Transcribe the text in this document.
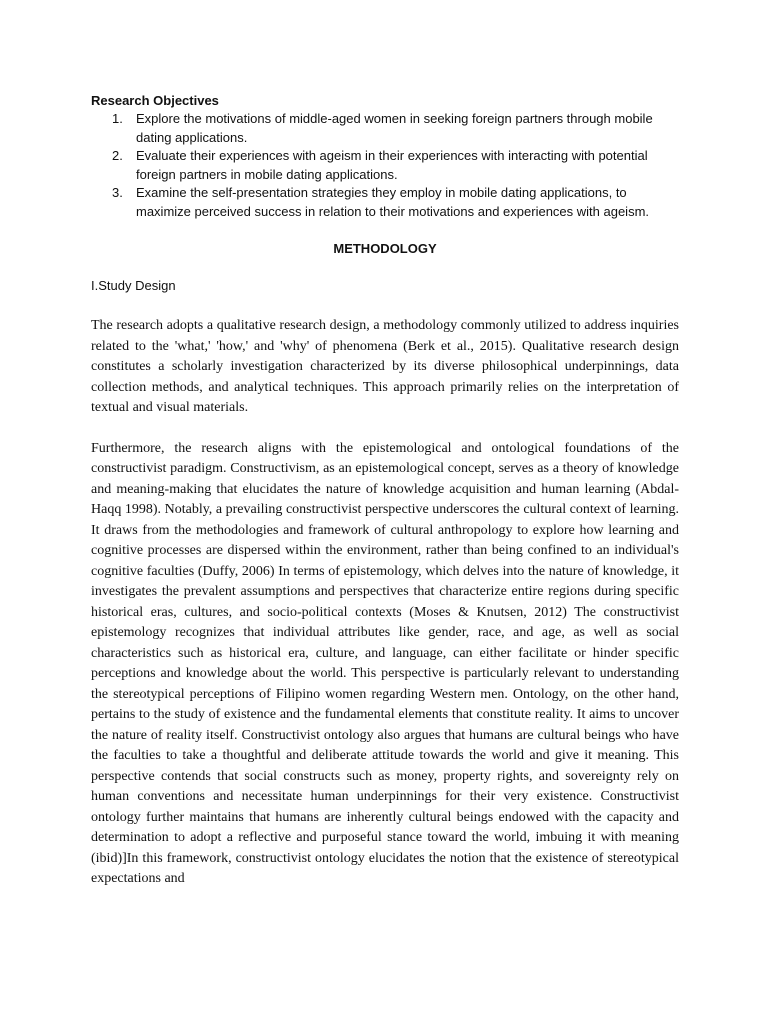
Research Objectives

1. Explore the motivations of middle-aged women in seeking foreign partners through mobile dating applications.
2. Evaluate their experiences with ageism in their experiences with interacting with potential foreign partners in mobile dating applications.
3. Examine the self-presentation strategies they employ in mobile dating applications, to maximize perceived success in relation to their motivations and experiences with ageism.

METHODOLOGY

I.Study Design

The research adopts a qualitative research design, a methodology commonly utilized to address inquiries related to the 'what,' 'how,' and 'why' of phenomena (Berk et al., 2015). Qualitative research design constitutes a scholarly investigation characterized by its diverse philosophical underpinnings, data collection methods, and analytical techniques. This approach primarily relies on the interpretation of textual and visual materials.

Furthermore, the research aligns with the epistemological and ontological foundations of the constructivist paradigm. Constructivism, as an epistemological concept, serves as a theory of knowledge and meaning-making that elucidates the nature of knowledge acquisition and human learning (Abdal-Haqq 1998). Notably, a prevailing constructivist perspective underscores the cultural context of learning. It draws from the methodologies and framework of cultural anthropology to explore how learning and cognitive processes are dispersed within the environment, rather than being confined to an individual's cognitive faculties (Duffy, 2006) In terms of epistemology, which delves into the nature of knowledge, it investigates the prevalent assumptions and perspectives that characterize entire regions during specific historical eras, cultures, and socio-political contexts (Moses & Knutsen, 2012) The constructivist epistemology recognizes that individual attributes like gender, race, and age, as well as social characteristics such as historical era, culture, and language, can either facilitate or hinder specific perceptions and knowledge about the world. This perspective is particularly relevant to understanding the stereotypical perceptions of Filipino women regarding Western men. Ontology, on the other hand, pertains to the study of existence and the fundamental elements that constitute reality. It aims to uncover the nature of reality itself. Constructivist ontology also argues that humans are cultural beings who have the faculties to take a thoughtful and deliberate attitude towards the world and give it meaning. This perspective contends that social constructs such as money, property rights, and sovereignty rely on human conventions and necessitate human underpinnings for their very existence. Constructivist ontology further maintains that humans are inherently cultural beings endowed with the capacity and determination to adopt a reflective and purposeful stance toward the world, imbuing it with meaning (ibid)]In this framework, constructivist ontology elucidates the notion that the existence of stereotypical expectations and
